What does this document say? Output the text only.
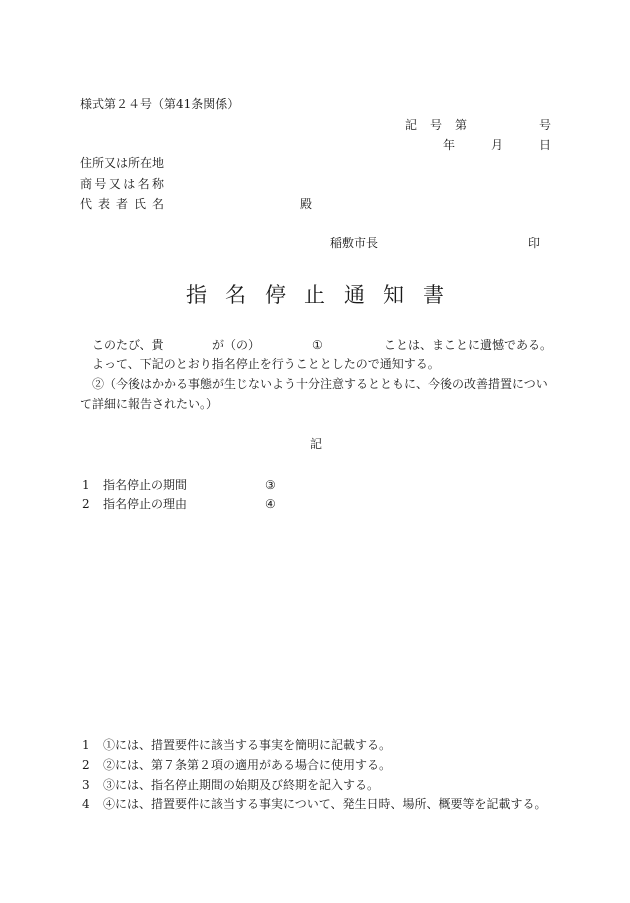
様式第２４号（第41条関係）
記 号 第	号
年	月	日
住所又は所在地
商号又は名称
代表者氏名	殿
稲敷市長	印
指 名 停 止 通 知 書
このたび、貴	が（の）	①	ことは、まことに遺憾である。
よって、下記のとおり指名停止を行うこととしたので通知する。
②（今後はかかる事態が生じないよう十分注意するとともに、今後の改善措置につい
て詳細に報告されたい。）
記
1 指名停止の期間	③
2 指名停止の理由	④
1 ①には、措置要件に該当する事実を簡明に記載する。
2 ②には、第７条第２項の適用がある場合に使用する。
3 ③には、指名停止期間の始期及び終期を記入する。
4 ④には、措置要件に該当する事実について、発生日時、場所、概要等を記載する。
